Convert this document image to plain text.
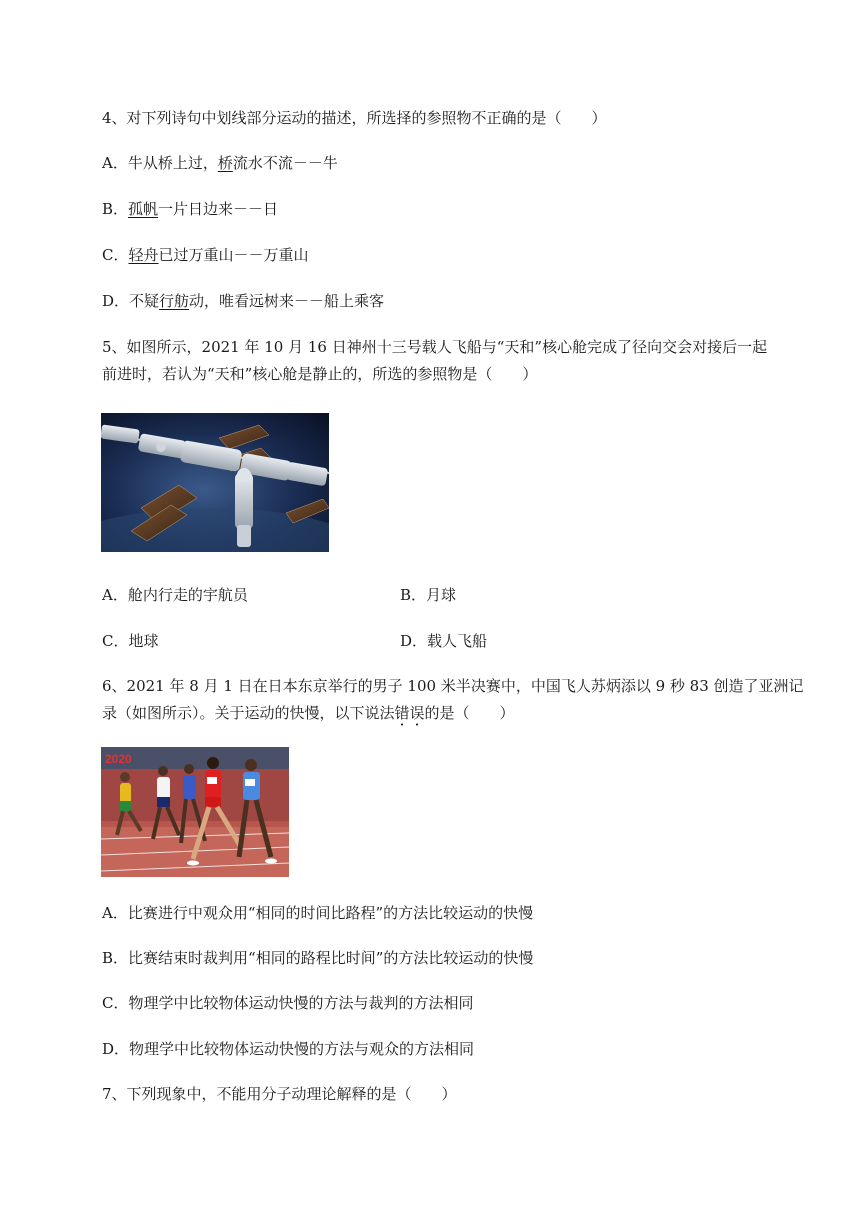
4、对下列诗句中划线部分运动的描述，所选择的参照物不正确的是（　　）
A．牛从桥上过，桥流水不流－－牛
B．孤帆一片日边来－－日
C．轻舟已过万重山－－万重山
D．不疑行舫动，唯看远树来－－船上乘客
5、如图所示，2021 年 10 月 16 日神州十三号载人飞船与“天和”核心舱完成了径向交会对接后一起
前进时，若认为“天和”核心舱是静止的，所选的参照物是（　　）
A．舱内行走的宇航员	B．月球
C．地球	D．载人飞船
6、2021 年 8 月 1 日在日本东京举行的男子 100 米半决赛中，中国飞人苏炳添以 9 秒 83 创造了亚洲记
录（如图所示）。关于运动的快慢，以下说法错误的是（　　）
2020
A．比赛进行中观众用“相同的时间比路程”的方法比较运动的快慢
B．比赛结束时裁判用“相同的路程比时间”的方法比较运动的快慢
C．物理学中比较物体运动快慢的方法与裁判的方法相同
D．物理学中比较物体运动快慢的方法与观众的方法相同
7、下列现象中，不能用分子动理论解释的是（　　）
